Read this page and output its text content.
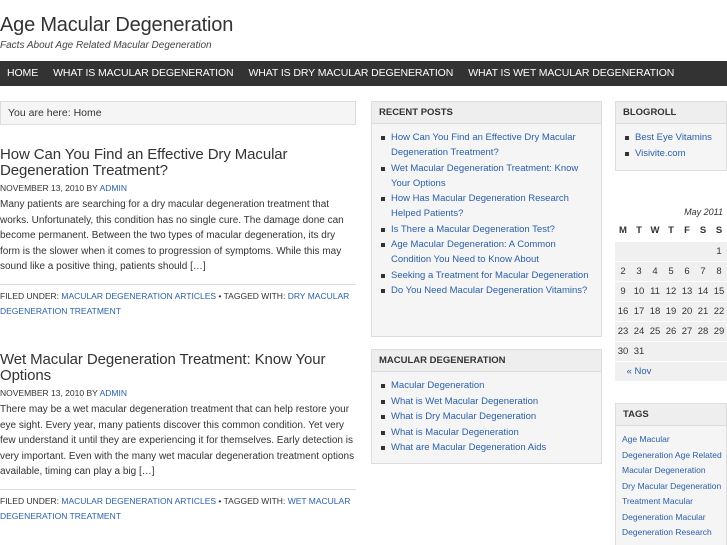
Age Macular Degeneration
Facts About Age Related Macular Degeneration
HOME	WHAT IS MACULAR DEGENERATION	WHAT IS DRY MACULAR DEGENERATION	WHAT IS WET MACULAR DEGENERATION
You are here: Home
How Can You Find an Effective Dry Macular Degeneration Treatment?
NOVEMBER 13, 2010 BY ADMIN
Many patients are searching for a dry macular degeneration treatment that works. Unfortunately, this condition has no single cure. The damage done can become permanent. Between the two types of macular degeneration, its dry form is the slower when it comes to progression of symptoms. While this may sound like a positive thing, patients should […]
FILED UNDER: MACULAR DEGENERATION ARTICLES • TAGGED WITH: DRY MACULAR DEGENERATION TREATMENT
Wet Macular Degeneration Treatment: Know Your Options
NOVEMBER 13, 2010 BY ADMIN
There may be a wet macular degeneration treatment that can help restore your eye sight. Every year, many patients discover this common condition. Yet very few understand it until they are experiencing it for themselves. Early detection is very important. Even with the many wet macular degeneration treatment options available, timing can play a big […]
FILED UNDER: MACULAR DEGENERATION ARTICLES • TAGGED WITH: WET MACULAR DEGENERATION TREATMENT
RECENT POSTS
How Can You Find an Effective Dry Macular Degeneration Treatment?
Wet Macular Degeneration Treatment: Know Your Options
How Has Macular Degeneration Research Helped Patients?
Is There a Macular Degeneration Test?
Age Macular Degeneration: A Common Condition You Need to Know About
Seeking a Treatment for Macular Degeneration
Do You Need Macular Degeneration Vitamins?
MACULAR DEGENERATION
Macular Degeneration
What is Wet Macular Degeneration
What is Dry Macular Degeneration
What is Macular Degeneration
What are Macular Degeneration Aids
BLOGROLL
Best Eye Vitamins
Visivite.com
May 2011
M	T	W	T	F	S	S
						1
2	3	4	5	6	7	8
9	10	11	12	13	14	15
16	17	18	19	20	21	22
23	24	25	26	27	28	29
30	31					
« Nov						
TAGS
Age Macular
Degeneration Age Related
Macular Degeneration
Dry Macular Degeneration
Treatment Macular
Degeneration Macular
Degeneration Research
